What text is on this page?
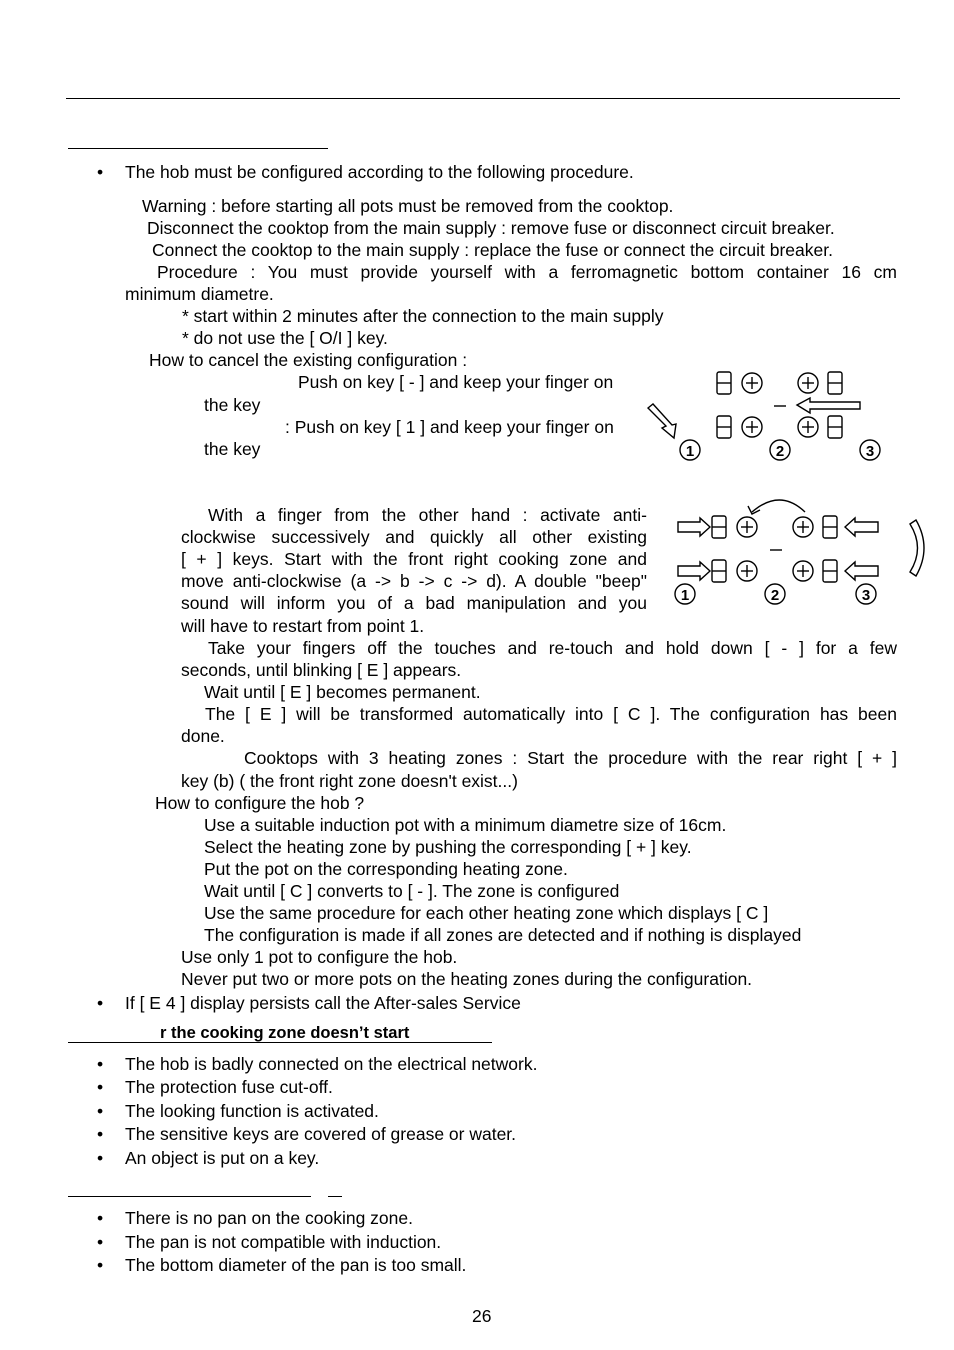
• The hob must be configured according to the following procedure.
Warning : before starting all pots must be removed from the cooktop.
Disconnect the cooktop from the main supply : remove fuse or disconnect circuit breaker.
Connect the cooktop to the main supply : replace the fuse or connect the circuit breaker.
Procedure : You must provide yourself with a ferromagnetic bottom container 16 cm
minimum diametre.
* start within 2 minutes after the connection to the main supply
* do not use the [ O/I ] key.
How to cancel the existing configuration :
Push on key [ - ] and keep your finger on
the key
: Push on key [ 1 ] and keep your finger on
the key
With a finger from the other hand : activate anti-
clockwise successively and quickly all other existing
[ + ] keys. Start with the front right cooking zone and
move anti-clockwise (a -> b -> c -> d). A double "beep"
sound will inform you of a bad manipulation and you
will have to restart from point 1.
Take your fingers off the touches and re-touch and hold down [ - ] for a few
seconds, until blinking [ E ] appears.
Wait until [ E ] becomes permanent.
The [ E ] will be transformed automatically into [ C ]. The configuration has been
done.
Cooktops with 3 heating zones : Start the procedure with the rear right [ + ]
key (b) ( the front right zone doesn't exist...)
How to configure the hob ?
Use a suitable induction pot with a minimum diametre size of 16cm.
Select the heating zone by pushing the corresponding [ + ] key.
Put the pot on the corresponding heating zone.
Wait until [ C ] converts to [ - ]. The zone is configured
Use the same procedure for each other heating zone which displays [ C ]
The configuration is made if all zones are detected and if nothing is displayed
Use only 1 pot to configure the hob.
Never put two or more pots on the heating zones during the configuration.
• If [ E 4 ] display persists call the After-sales Service
r the cooking zone doesn’t start
• The hob is badly connected on the electrical network.
• The protection fuse cut-off.
• The looking function is activated.
• The sensitive keys are covered of grease or water.
• An object is put on a key.
• There is no pan on the cooking zone.
• The pan is not compatible with induction.
• The bottom diameter of the pan is too small.
26
1	2	3
1	2	3
